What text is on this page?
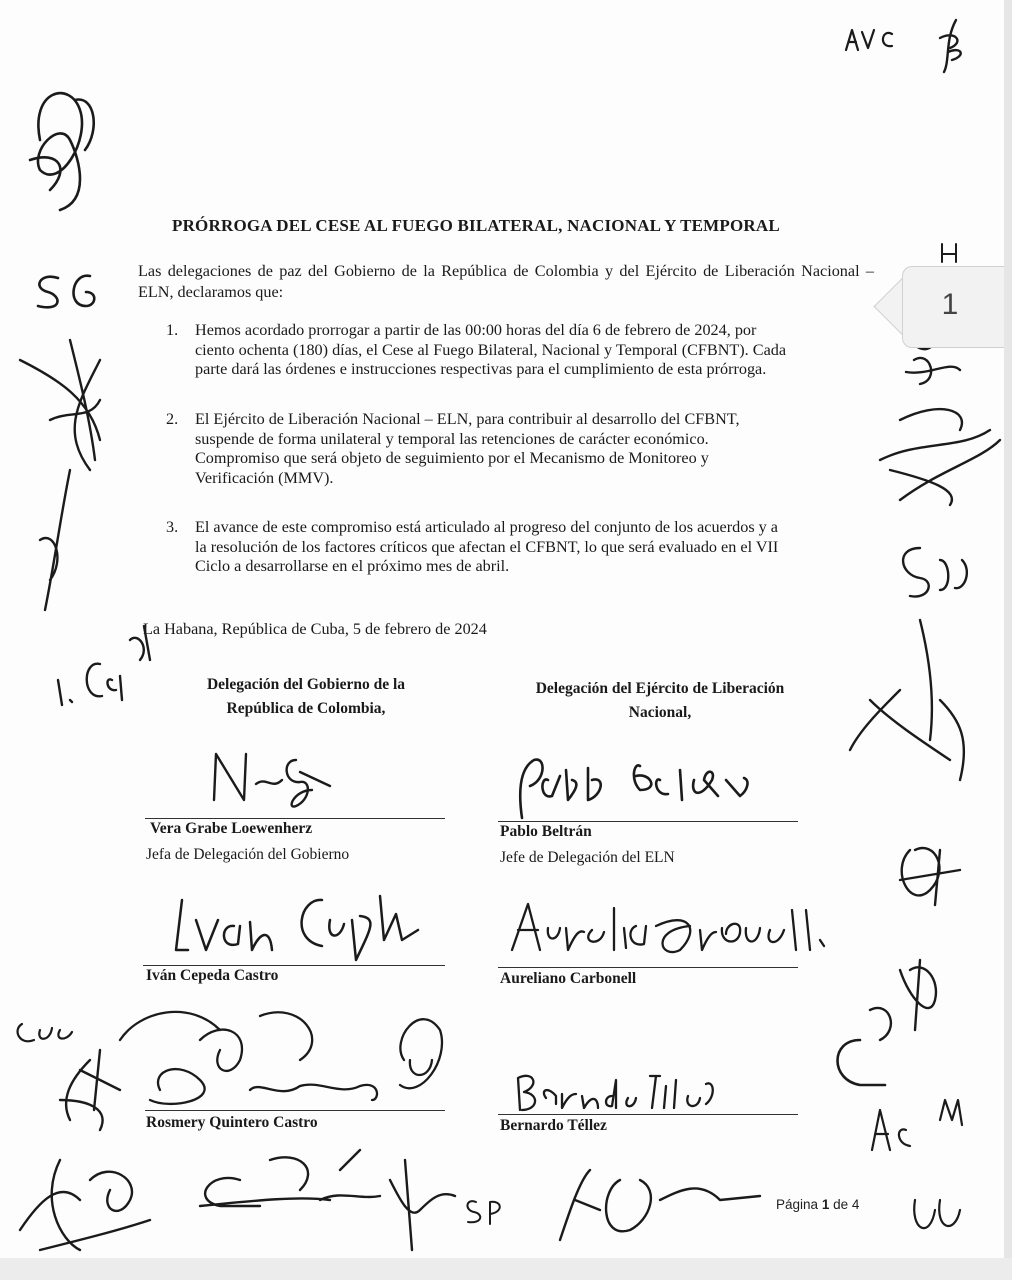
PRÓRROGA DEL CESE AL FUEGO BILATERAL, NACIONAL Y TEMPORAL
Las delegaciones de paz del Gobierno de la República de Colombia y del Ejército de Liberación Nacional – ELN, declaramos que:
1. Hemos acordado prorrogar a partir de las 00:00 horas del día 6 de febrero de 2024, por
ciento ochenta (180) días, el Cese al Fuego Bilateral, Nacional y Temporal (CFBNT). Cada
parte dará las órdenes e instrucciones respectivas para el cumplimiento de esta prórroga.
2. El Ejército de Liberación Nacional – ELN, para contribuir al desarrollo del CFBNT,
suspende de forma unilateral y temporal las retenciones de carácter económico.
Compromiso que será objeto de seguimiento por el Mecanismo de Monitoreo y
Verificación (MMV).
3. El avance de este compromiso está articulado al progreso del conjunto de los acuerdos y a
la resolución de los factores críticos que afectan el CFBNT, lo que será evaluado en el VII
Ciclo a desarrollarse en el próximo mes de abril.
La Habana, República de Cuba, 5 de febrero de 2024
Delegación del Gobierno de la
República de Colombia,
Delegación del Ejército de Liberación
Nacional,
Vera Grabe Loewenherz
Jefa de Delegación del Gobierno
Pablo Beltrán
Jefe de Delegación del ELN
Iván Cepeda Castro	Aureliano Carbonell
Rosmery Quintero Castro	Bernardo Téllez
Página 1 de 4
1
